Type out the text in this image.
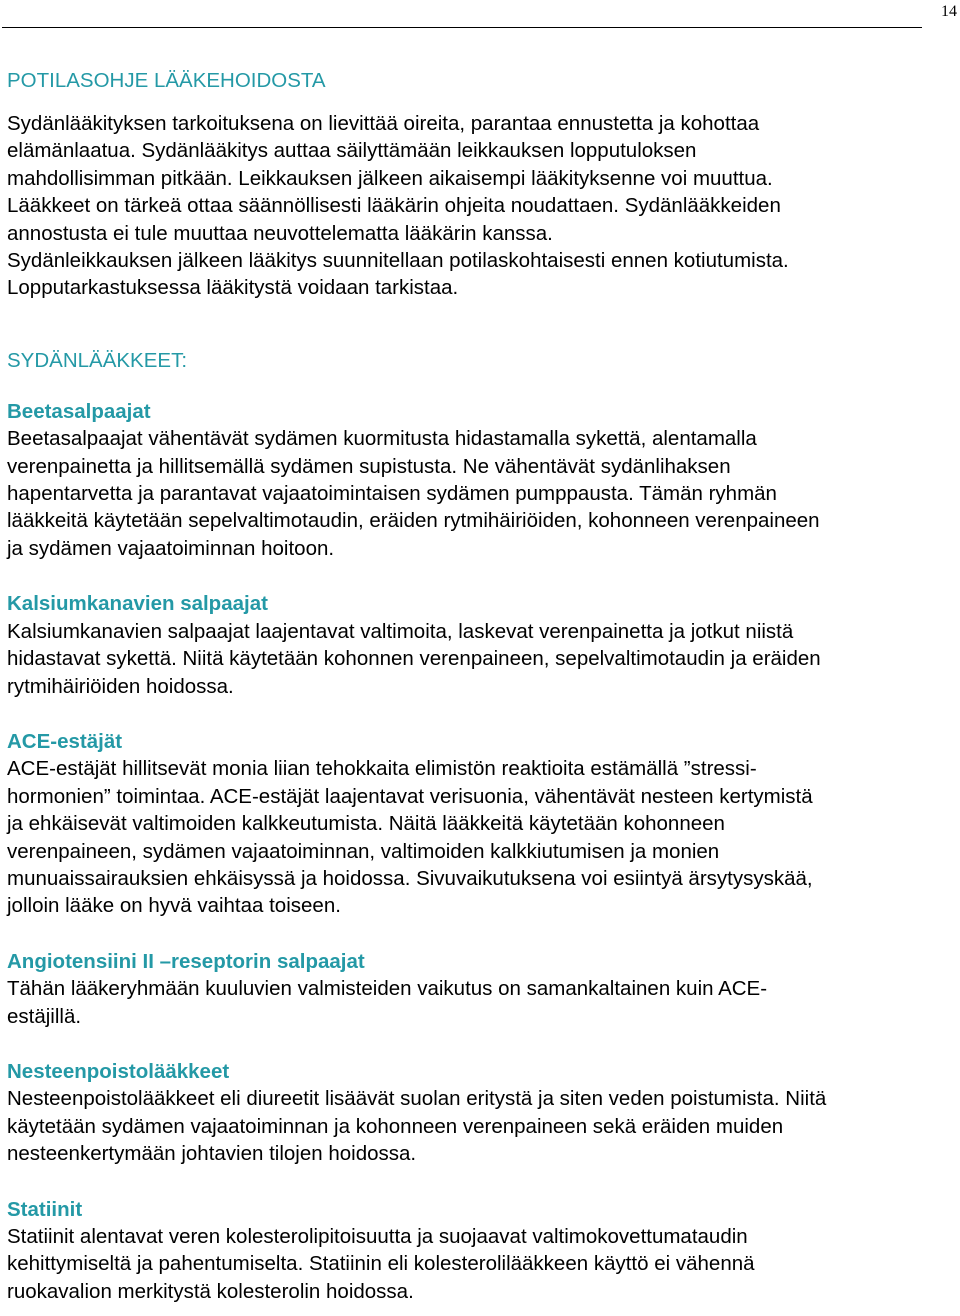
14
POTILASOHJE LÄÄKEHOIDOSTA

Sydänlääkityksen tarkoituksena on lievittää oireita, parantaa ennustetta ja kohottaa

elämänlaatua. Sydänlääkitys auttaa säilyttämään leikkauksen lopputuloksen

mahdollisimman pitkään. Leikkauksen jälkeen aikaisempi lääkityksenne voi muuttua.

Lääkkeet on tärkeä ottaa säännöllisesti lääkärin ohjeita noudattaen. Sydänlääkkeiden

annostusta ei tule muuttaa neuvottelematta lääkärin kanssa.

Sydänleikkauksen jälkeen lääkitys suunnitellaan potilaskohtaisesti ennen kotiutumista.

Lopputarkastuksessa lääkitystä voidaan tarkistaa.

SYDÄNLÄÄKKEET:

Beetasalpaajat

Beetasalpaajat vähentävät sydämen kuormitusta hidastamalla sykettä, alentamalla

verenpainetta ja hillitsemällä sydämen supistusta. Ne vähentävät sydänlihaksen

hapentarvetta ja parantavat vajaatoimintaisen sydämen pumppausta. Tämän ryhmän

lääkkeitä käytetään sepelvaltimotaudin, eräiden rytmihäiriöiden, kohonneen verenpaineen

ja sydämen vajaatoiminnan hoitoon.

Kalsiumkanavien salpaajat

Kalsiumkanavien salpaajat laajentavat valtimoita, laskevat verenpainetta ja jotkut niistä

hidastavat sykettä. Niitä käytetään kohonnen verenpaineen, sepelvaltimotaudin ja eräiden

rytmihäiriöiden hoidossa.

ACE-estäjät

ACE-estäjät hillitsevät monia liian tehokkaita elimistön reaktioita estämällä ”stressi-

hormonien” toimintaa. ACE-estäjät laajentavat verisuonia, vähentävät nesteen kertymistä

ja ehkäisevät valtimoiden kalkkeutumista. Näitä lääkkeitä käytetään kohonneen

verenpaineen, sydämen vajaatoiminnan, valtimoiden kalkkiutumisen ja monien

munuaissairauksien ehkäisyssä ja hoidossa. Sivuvaikutuksena voi esiintyä ärsytysyskää,

jolloin lääke on hyvä vaihtaa toiseen.

Angiotensiini II –reseptorin salpaajat

Tähän lääkeryhmään kuuluvien valmisteiden vaikutus on samankaltainen kuin ACE-

estäjillä.

Nesteenpoistolääkkeet

Nesteenpoistolääkkeet eli diureetit lisäävät suolan eritystä ja siten veden poistumista. Niitä

käytetään sydämen vajaatoiminnan ja kohonneen verenpaineen sekä eräiden muiden

nesteenkertymään johtavien tilojen hoidossa.

Statiinit

Statiinit alentavat veren kolesterolipitoisuutta ja suojaavat valtimokovettumataudin

kehittymiseltä ja pahentumiselta. Statiinin eli kolesterolilääkkeen käyttö ei vähennä

ruokavalion merkitystä kolesterolin hoidossa.
